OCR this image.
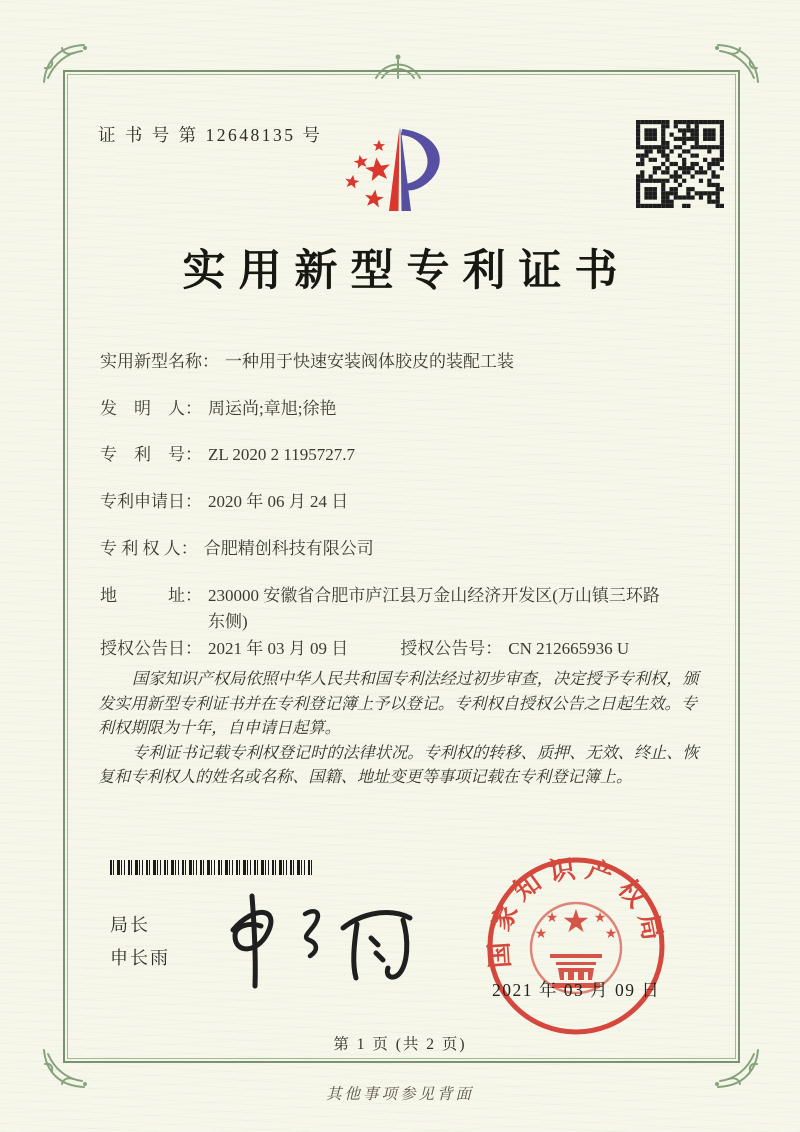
证 书 号 第 12648135 号
实用新型专利证书
实用新型名称： 一种用于快速安装阀体胶皮的装配工装
发　明　人： 周运尚;章旭;徐艳
专　利　号： ZL 2020 2 1195727.7
专利申请日： 2020 年 06 月 24 日
专 利 权 人： 合肥精创科技有限公司
地　　　址： 230000 安徽省合肥市庐江县万金山经济开发区(万山镇三环路东侧)
授权公告日： 2021 年 03 月 09 日	授权公告号： CN 212665936 U

国家知识产权局依照中华人民共和国专利法经过初步审查，决定授予专利权，颁发实用新型专利证书并在专利登记簿上予以登记。专利权自授权公告之日起生效。专利权期限为十年，自申请日起算。

专利证书记载专利权登记时的法律状况。专利权的转移、质押、无效、终止、恢复和专利权人的姓名或名称、国籍、地址变更等事项记载在专利登记簿上。

局长
申长雨	国家知识产权局
★
★
★	★
★
2021 年 03 月 09 日
第 1 页 (共 2 页)
其他事项参见背面
